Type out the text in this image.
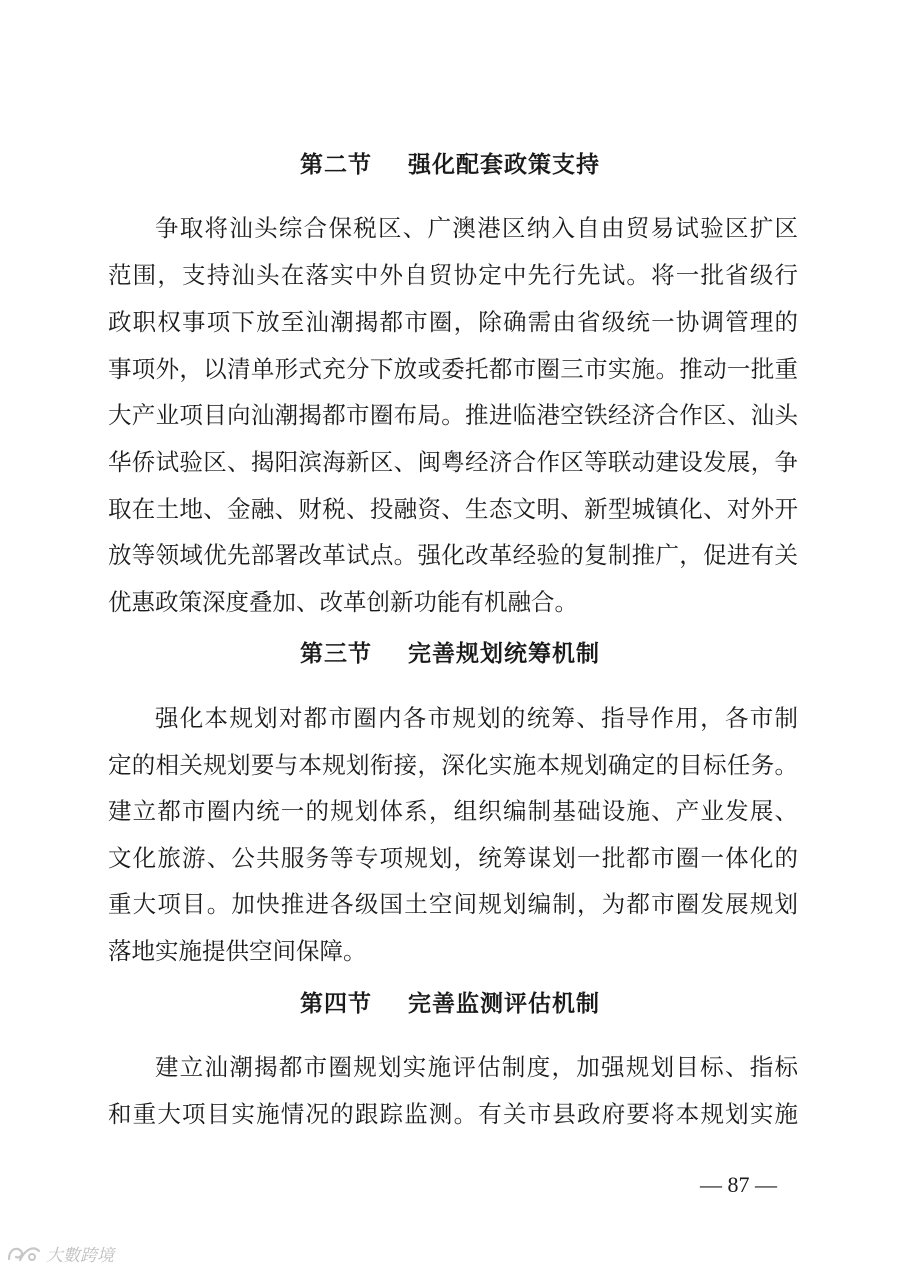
第二节    强化配套政策支持
争取将汕头综合保税区、广澳港区纳入自由贸易试验区扩区
范围，支持汕头在落实中外自贸协定中先行先试。将一批省级行
政职权事项下放至汕潮揭都市圈，除确需由省级统一协调管理的
事项外，以清单形式充分下放或委托都市圈三市实施。推动一批重
大产业项目向汕潮揭都市圈布局。推进临港空铁经济合作区、汕头
华侨试验区、揭阳滨海新区、闽粤经济合作区等联动建设发展，争
取在土地、金融、财税、投融资、生态文明、新型城镇化、对外开
放等领域优先部署改革试点。强化改革经验的复制推广，促进有关
优惠政策深度叠加、改革创新功能有机融合。
第三节    完善规划统筹机制
强化本规划对都市圈内各市规划的统筹、指导作用，各市制
定的相关规划要与本规划衔接，深化实施本规划确定的目标任务。
建立都市圈内统一的规划体系，组织编制基础设施、产业发展、
文化旅游、公共服务等专项规划，统筹谋划一批都市圈一体化的
重大项目。加快推进各级国土空间规划编制，为都市圈发展规划
落地实施提供空间保障。
第四节    完善监测评估机制
建立汕潮揭都市圈规划实施评估制度，加强规划目标、指标
和重大项目实施情况的跟踪监测。有关市县政府要将本规划实施
— 87 —
大數跨境
